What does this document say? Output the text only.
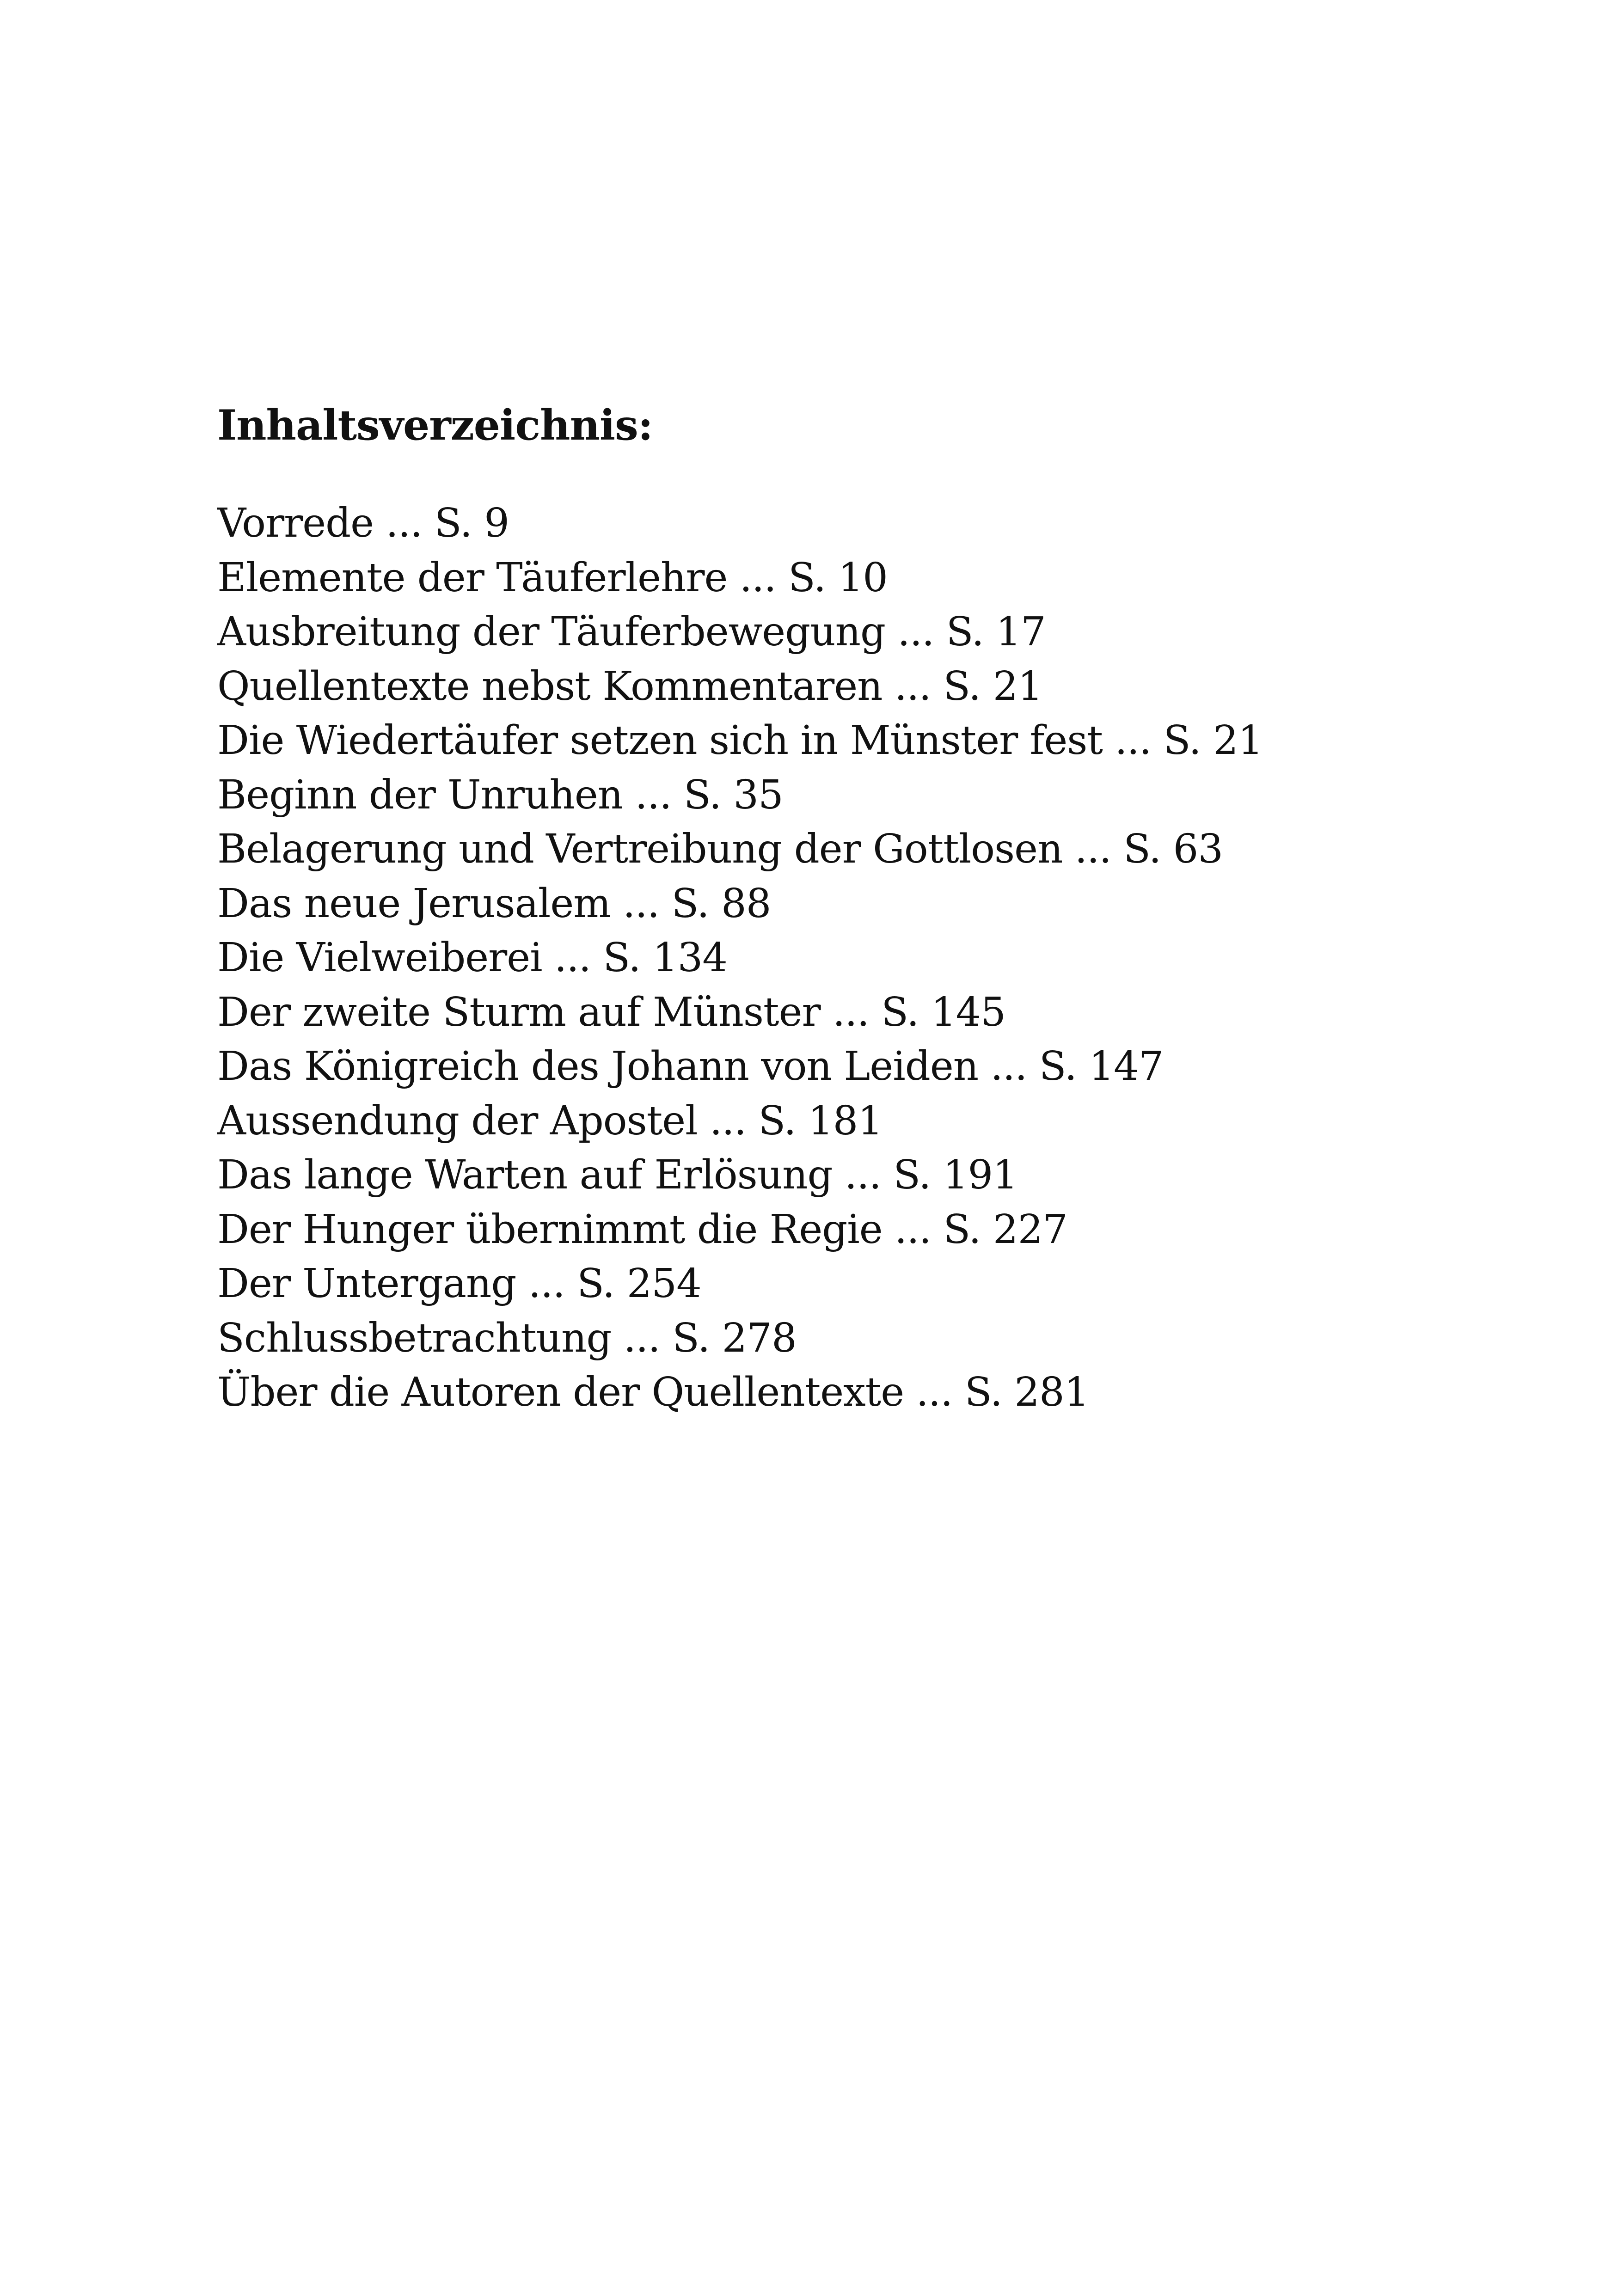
Inhaltsverzeichnis:
Vorrede ... S. 9
Elemente der Täuferlehre ... S. 10
Ausbreitung der Täuferbewegung ... S. 17
Quellentexte nebst Kommentaren ... S. 21
Die Wiedertäufer setzen sich in Münster fest ... S. 21
Beginn der Unruhen ... S. 35
Belagerung und Vertreibung der Gottlosen ... S. 63
Das neue Jerusalem ... S. 88
Die Vielweiberei ... S. 134
Der zweite Sturm auf Münster ... S. 145
Das Königreich des Johann von Leiden ... S. 147
Aussendung der Apostel ... S. 181
Das lange Warten auf Erlösung ... S. 191
Der Hunger übernimmt die Regie ... S. 227
Der Untergang ... S. 254
Schlussbetrachtung ... S. 278
Über die Autoren der Quellentexte ... S. 281
